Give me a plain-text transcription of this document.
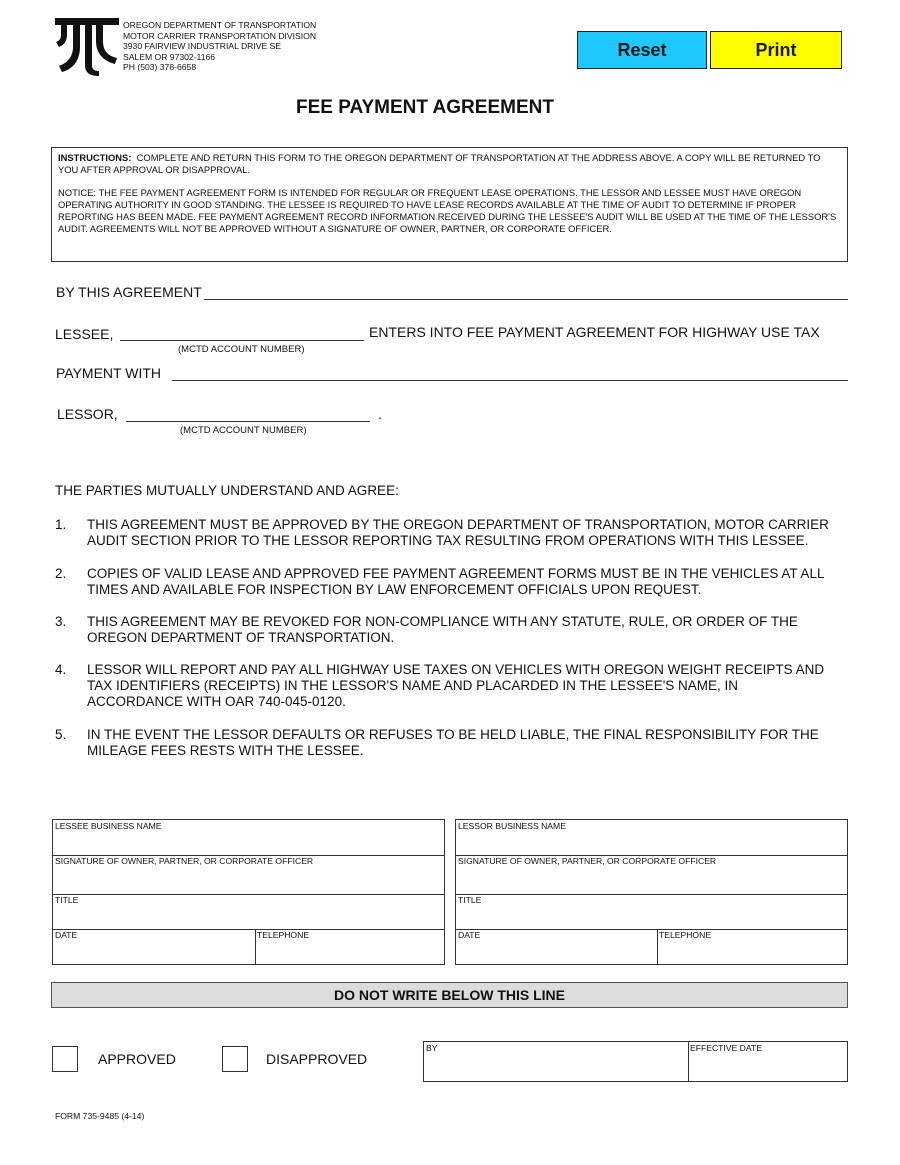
OREGON DEPARTMENT OF TRANSPORTATION
MOTOR CARRIER TRANSPORTATION DIVISION
3930 FAIRVIEW INDUSTRIAL DRIVE SE
SALEM OR 97302-1166
PH (503) 378-6658
Reset	Print
FEE PAYMENT AGREEMENT

INSTRUCTIONS: COMPLETE AND RETURN THIS FORM TO THE OREGON DEPARTMENT OF TRANSPORTATION AT THE ADDRESS ABOVE. A COPY WILL BE RETURNED TO YOU AFTER APPROVAL OR DISAPPROVAL.

NOTICE: THE FEE PAYMENT AGREEMENT FORM IS INTENDED FOR REGULAR OR FREQUENT LEASE OPERATIONS. THE LESSOR AND LESSEE MUST HAVE OREGON OPERATING AUTHORITY IN GOOD STANDING. THE LESSEE IS REQUIRED TO HAVE LEASE RECORDS AVAILABLE AT THE TIME OF AUDIT TO DETERMINE IF PROPER REPORTING HAS BEEN MADE. FEE PAYMENT AGREEMENT RECORD INFORMATION RECEIVED DURING THE LESSEE'S AUDIT WILL BE USED AT THE TIME OF THE LESSOR'S AUDIT. AGREEMENTS WILL NOT BE APPROVED WITHOUT A SIGNATURE OF OWNER, PARTNER, OR CORPORATE OFFICER.

BY THIS AGREEMENT
LESSEE,	ENTERS INTO FEE PAYMENT AGREEMENT FOR HIGHWAY USE TAX
(MCTD ACCOUNT NUMBER)
PAYMENT WITH
LESSOR,	.
(MCTD ACCOUNT NUMBER)
THE PARTIES MUTUALLY UNDERSTAND AND AGREE:
1. THIS AGREEMENT MUST BE APPROVED BY THE OREGON DEPARTMENT OF TRANSPORTATION, MOTOR CARRIER AUDIT SECTION PRIOR TO THE LESSOR REPORTING TAX RESULTING FROM OPERATIONS WITH THIS LESSEE.
2. COPIES OF VALID LEASE AND APPROVED FEE PAYMENT AGREEMENT FORMS MUST BE IN THE VEHICLES AT ALL TIMES AND AVAILABLE FOR INSPECTION BY LAW ENFORCEMENT OFFICIALS UPON REQUEST.
3. THIS AGREEMENT MAY BE REVOKED FOR NON-COMPLIANCE WITH ANY STATUTE, RULE, OR ORDER OF THE OREGON DEPARTMENT OF TRANSPORTATION.
4. LESSOR WILL REPORT AND PAY ALL HIGHWAY USE TAXES ON VEHICLES WITH OREGON WEIGHT RECEIPTS AND TAX IDENTIFIERS (RECEIPTS) IN THE LESSOR'S NAME AND PLACARDED IN THE LESSEE'S NAME, IN ACCORDANCE WITH OAR 740-045-0120.
5. IN THE EVENT THE LESSOR DEFAULTS OR REFUSES TO BE HELD LIABLE, THE FINAL RESPONSIBILITY FOR THE MILEAGE FEES RESTS WITH THE LESSEE.
LESSEE BUSINESS NAME
SIGNATURE OF OWNER, PARTNER, OR CORPORATE OFFICER
TITLE
DATE	TELEPHONE
LESSOR BUSINESS NAME
SIGNATURE OF OWNER, PARTNER, OR CORPORATE OFFICER
TITLE
DATE	TELEPHONE
DO NOT WRITE BELOW THIS LINE
APPROVED	DISAPPROVED
BY	EFFECTIVE DATE
FORM 735-9485 (4-14)
